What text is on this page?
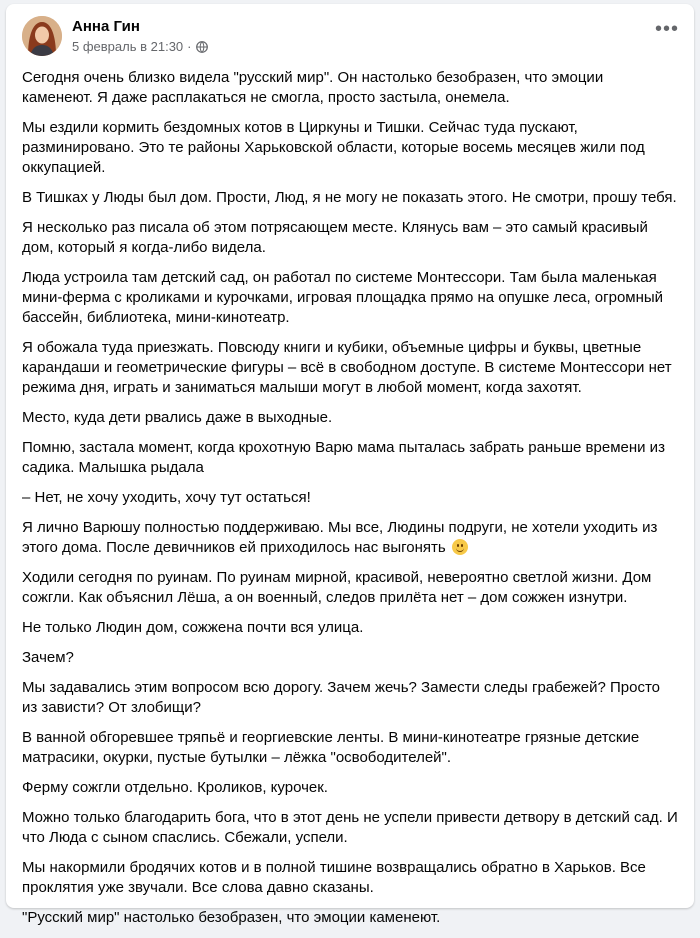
Анна Гин
5 февраль в 21:30 ·
•••

Сегодня очень близко видела "русский мир". Он настолько безобразен, что эмоции каменеют. Я даже расплакаться не смогла, просто застыла, онемела.

Мы ездили кормить бездомных котов в Циркуны и Тишки. Сейчас туда пускают, разминировано. Это те районы Харьковской области, которые восемь месяцев жили под оккупацией.

В Тишках у Люды был дом. Прости, Люд, я не могу не показать этого. Не смотри, прошу тебя.

Я несколько раз писала об этом потрясающем месте. Клянусь вам – это самый красивый дом, который я когда-либо видела.

Люда устроила там детский сад, он работал по системе Монтессори. Там была маленькая мини-ферма с кроликами и курочками, игровая площадка прямо на опушке леса, огромный бассейн, библиотека, мини-кинотеатр.

Я обожала туда приезжать. Повсюду книги и кубики, объемные цифры и буквы, цветные карандаши и геометрические фигуры – всё в свободном доступе. В системе Монтессори нет режима дня, играть и заниматься малыши могут в любой момент, когда захотят.

Место, куда дети рвались даже в выходные.

Помню, застала момент, когда крохотную Варю мама пыталась забрать раньше времени из садика. Малышка рыдала

– Нет, не хочу уходить, хочу тут остаться!

Я лично Варюшу полностью поддерживаю. Мы все, Людины подруги, не хотели уходить из этого дома. После девичников ей приходилось нас выгонять

Ходили сегодня по руинам. По руинам мирной, красивой, невероятно светлой жизни. Дом сожгли. Как объяснил Лёша, а он военный, следов прилёта нет – дом сожжен изнутри.

Не только Людин дом, сожжена почти вся улица.

Зачем?

Мы задавались этим вопросом всю дорогу. Зачем жечь? Замести следы грабежей? Просто из зависти? От злобищи?

В ванной обгоревшее тряпьё и георгиевские ленты. В мини-кинотеатре грязные детские матрасики, окурки, пустые бутылки – лёжка "освободителей".

Ферму сожгли отдельно. Кроликов, курочек.

Можно только благодарить бога, что в этот день не успели привести детвору в детский сад. И что Люда с сыном спаслись. Сбежали, успели.

Мы накормили бродячих котов и в полной тишине возвращались обратно в Харьков. Все проклятия уже звучали. Все слова давно сказаны.

"Русский мир" настолько безобразен, что эмоции каменеют.
